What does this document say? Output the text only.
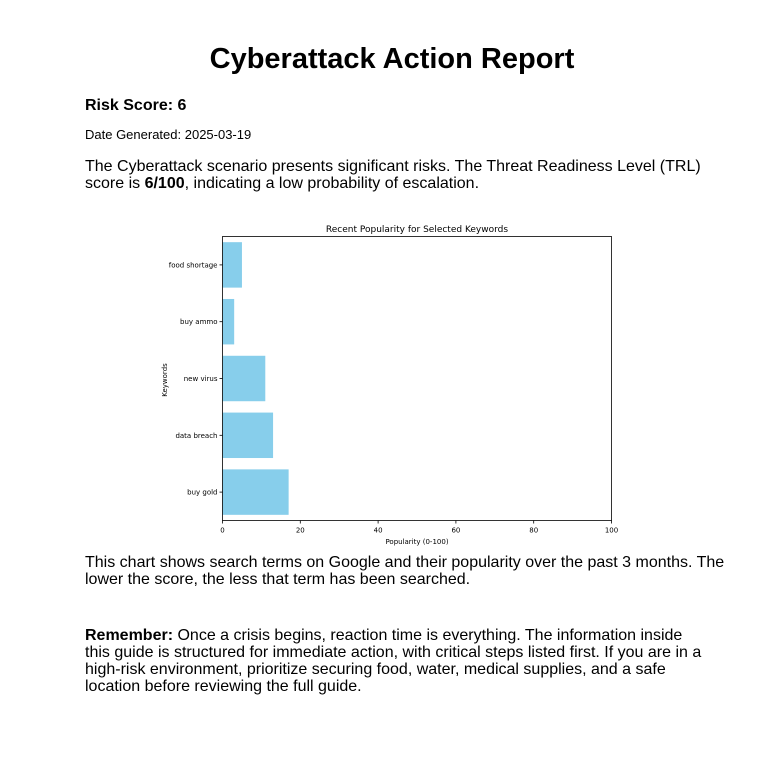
Cyberattack Action Report
Risk Score: 6
Date Generated: 2025-03-19
The Cyberattack scenario presents significant risks. The Threat Readiness Level (TRL) score is 6/100, indicating a low probability of escalation.
Recent Popularity for Selected Keywords
Popularity (0-100)
Keywords
buy gold
data breach
new virus
buy ammo
food shortage
0	20	40	60	80	100
This chart shows search terms on Google and their popularity over the past 3 months. The lower the score, the less that term has been searched.
Remember: Once a crisis begins, reaction time is everything. The information inside this guide is structured for immediate action, with critical steps listed first. If you are in a high-risk environment, prioritize securing food, water, medical supplies, and a safe location before reviewing the full guide.
